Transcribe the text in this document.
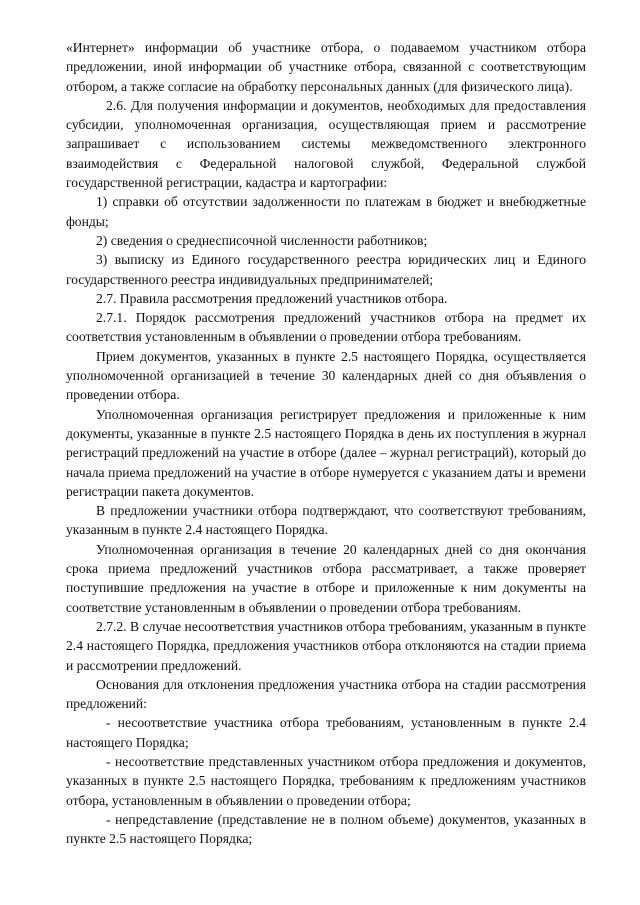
«Интернет» информации об участнике отбора, о подаваемом участником отбора предложении, иной информации об участнике отбора, связанной с соответствующим отбором, а также согласие на обработку персональных данных (для физического лица).

2.6. Для получения информации и документов, необходимых для предоставления субсидии, уполномоченная организация, осуществляющая прием и рассмотрение запрашивает с использованием системы межведомственного электронного взаимодействия с Федеральной налоговой службой, Федеральной службой государственной регистрации, кадастра и картографии:

1) справки об отсутствии задолженности по платежам в бюджет и внебюджетные фонды;

2) сведения о среднесписочной численности работников;

3) выписку из Единого государственного реестра юридических лиц и Единого государственного реестра индивидуальных предпринимателей;

2.7. Правила рассмотрения предложений участников отбора.

2.7.1. Порядок рассмотрения предложений участников отбора на предмет их соответствия установленным в объявлении о проведении отбора требованиям.

Прием документов, указанных в пункте 2.5 настоящего Порядка, осуществляется уполномоченной организацией в течение 30 календарных дней со дня объявления о проведении отбора.

Уполномоченная организация регистрирует предложения и приложенные к ним документы, указанные в пункте 2.5 настоящего Порядка в день их поступления в журнал регистраций предложений на участие в отборе (далее – журнал регистраций), который до начала приема предложений на участие в отборе нумеруется с указанием даты и времени регистрации пакета документов.

В предложении участники отбора подтверждают, что соответствуют требованиям, указанным в пункте 2.4 настоящего Порядка.

Уполномоченная организация в течение 20 календарных дней со дня окончания срока приема предложений участников отбора рассматривает, а также проверяет поступившие предложения на участие в отборе и приложенные к ним документы на соответствие установленным в объявлении о проведении отбора требованиям.

2.7.2. В случае несоответствия участников отбора требованиям, указанным в пункте 2.4 настоящего Порядка, предложения участников отбора отклоняются на стадии приема и рассмотрении предложений.

Основания для отклонения предложения участника отбора на стадии рассмотрения предложений:

- несоответствие участника отбора требованиям, установленным в пункте 2.4 настоящего Порядка;

- несоответствие представленных участником отбора предложения и документов, указанных в пункте 2.5 настоящего Порядка, требованиям к предложениям участников отбора, установленным в объявлении о проведении отбора;

- непредставление (представление не в полном объеме) документов, указанных в пункте 2.5 настоящего Порядка;
